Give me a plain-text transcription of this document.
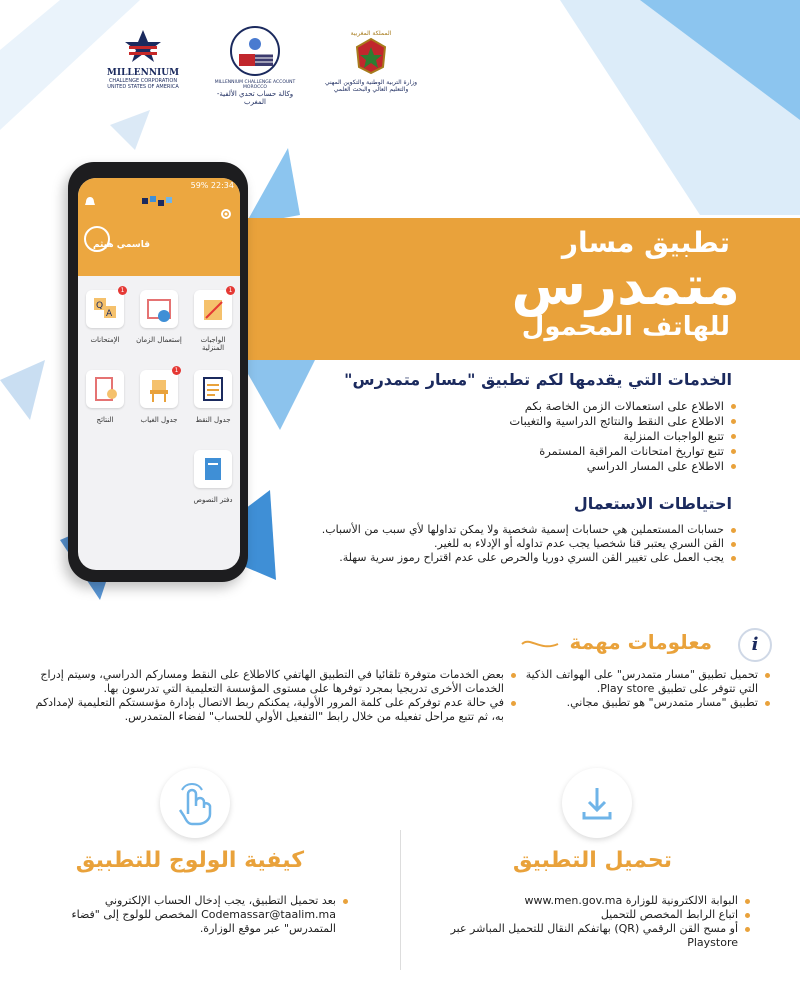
MILLENNIUM
CHALLENGE CORPORATION
UNITED STATES OF AMERICA
MILLENNIUM CHALLENGE ACCOUNT MOROCCO
وكالة حساب تحدي الألفية-المغرب
المملكة المغربية
وزارة التربية الوطنية والتكوين المهني
والتعليم العالي والبحث العلمي
تطبيق مسار
متمدرس
للهاتف المحمول
59% 22:34
قاسمي هيثم
1
الواجبات المنزلية
إستعمال الزمان
Q
A
1
الإمتحانات
جدول النقط
1
جدول الغياب
النتائج
دفتر النصوص
الخدمات التي يقدمها لكم تطبيق "مسار متمدرس"
الاطلاع على استعمالات الزمن الخاصة بكم
الاطلاع على النقط والنتائج الدراسية والتغيبات
تتبع الواجبات المنزلية
تتبع تواريخ امتحانات المراقبة المستمرة
الاطلاع على المسار الدراسي
احتياطات الاستعمال
حسابات المستعملين هي حسابات إسمية شخصية ولا يمكن تداولها لأي سبب من الأسباب.
القن السري يعتبر قنا شخصيا يجب عدم تداوله أو الإدلاء به للغير.
يجب العمل على تغيير القن السري دوريا والحرص على عدم اقتراح رموز سرية سهلة.
i
معلومات مهمة
تحميل تطبيق "مسار متمدرس" على الهواتف الذكية التي تتوفر على تطبيق Play store.
تطبيق "مسار متمدرس" هو تطبيق مجاني.
بعض الخدمات متوفرة تلقائيا في التطبيق الهاتفي كالاطلاع على النقط ومساركم الدراسي، وسيتم إدراج الخدمات الأخرى تدريجيا بمجرد توفرها على مستوى المؤسسة التعليمية التي تدرسون بها.
في حالة عدم توفركم على كلمة المرور الأولية، يمكنكم ربط الاتصال بإدارة مؤسستكم التعليمية لإمدادكم به، ثم تتبع مراحل تفعيله من خلال رابط "التفعيل الأولي للحساب" لفضاء المتمدرس.
تحميل التطبيق
البوابة الالكترونية للوزارة www.men.gov.ma
اتباع الرابط المخصص للتحميل
أو مسح القن الرقمي (QR) بهاتفكم النقال للتحميل المباشر عبر Playstore
كيفية الولوج للتطبيق
بعد تحميل التطبيق، يجب إدخال الحساب الإلكتروني Codemassar@taalim.ma المخصص للولوج إلى "فضاء المتمدرس" عبر موقع الوزارة.
